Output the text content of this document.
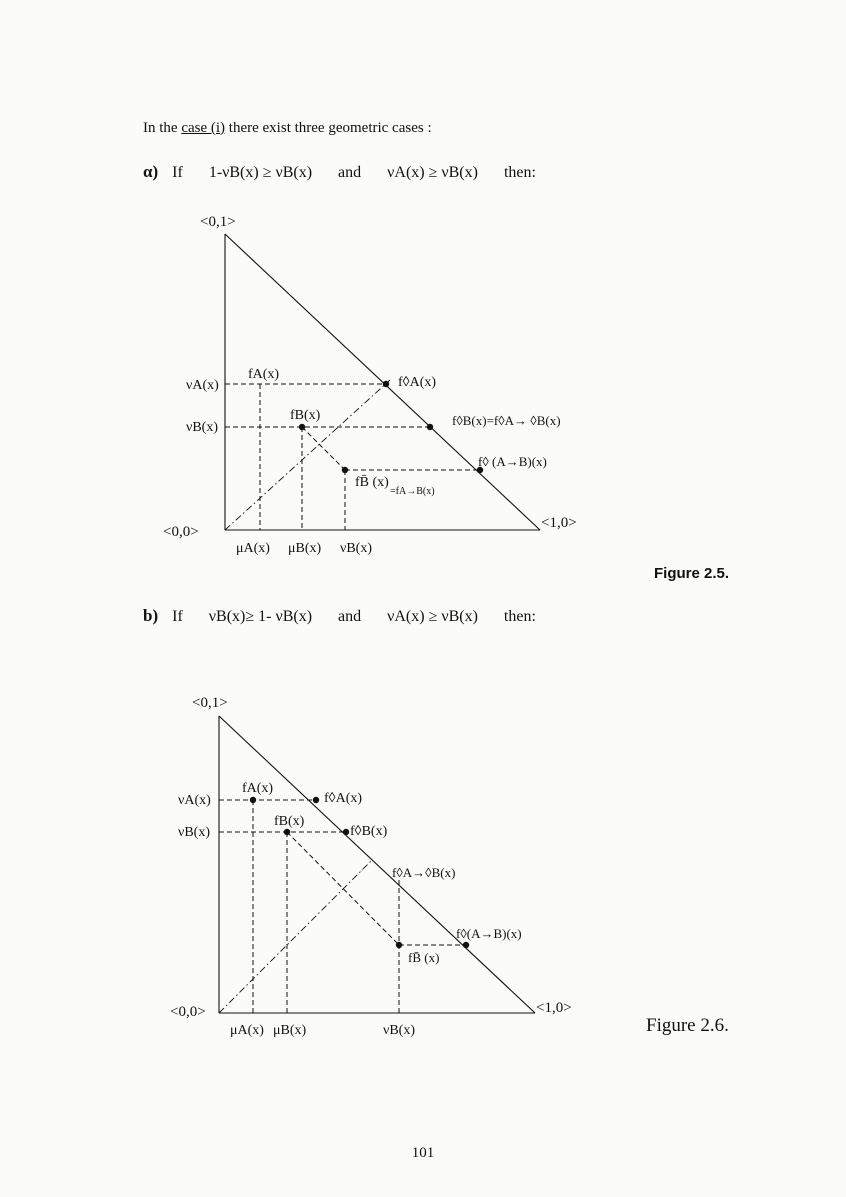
In the case (i) there exist three geometric cases :
α) If 1-νB(x) ≥ νB(x) and νA(x) ≥ νB(x) then:
<0,1>
<0,0>
<1,0>
νA(x)
νB(x)
μA(x) μB(x) νB(x)
fA(x)
fB(x)
f◊A(x)
f◊B(x)=f◊A→ ◊B(x)
f◊ (A→B)(x)
fB̄ (x)
=fA→B(x)
Figure 2.5.
b) If νB(x)≥ 1- νB(x) and νA(x) ≥ νB(x) then:
<0,1>
<0,0>	<1,0>
νA(x)
νB(x)
μA(x) μB(x)	νB(x)
fA(x)
fB(x)
f◊A(x)
f◊B(x)
f◊A→◊B(x)
f◊(A→B)(x)
fB̄ (x)
Figure 2.6.
101
